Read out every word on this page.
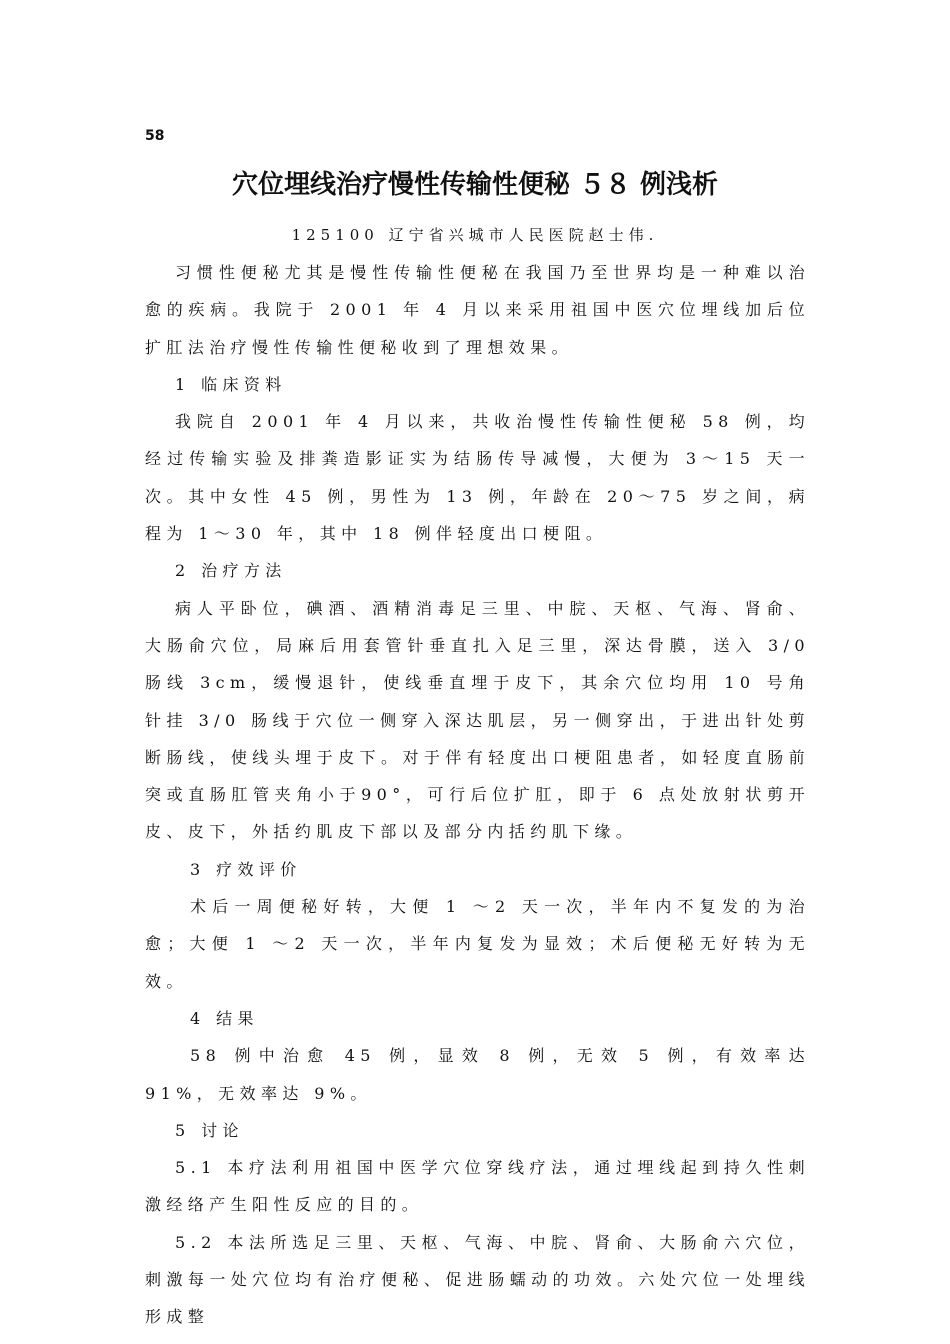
58
穴位埋线治疗慢性传输性便秘 ５８ 例浅析
125100 辽宁省兴城市人民医院赵士伟.

习惯性便秘尤其是慢性传输性便秘在我国乃至世界均是一种难以治愈的疾病。我院于 2001 年 4 月以来采用祖国中医穴位埋线加后位扩肛法治疗慢性传输性便秘收到了理想效果。

1 临床资料

我院自 2001 年 4 月以来，共收治慢性传输性便秘 58 例，均经过传输实验及排粪造影证实为结肠传导减慢，大便为 3～15 天一次。其中女性 45 例，男性为 13 例，年龄在 20～75 岁之间，病程为 1～30 年，其中 18 例伴轻度出口梗阻。

2 治疗方法

病人平卧位，碘酒、酒精消毒足三里、中脘、天枢、气海、肾俞、大肠俞穴位，局麻后用套管针垂直扎入足三里，深达骨膜，送入 3/0 肠线 3cm，缓慢退针，使线垂直埋于皮下，其余穴位均用 10 号角针挂 3/0 肠线于穴位一侧穿入深达肌层，另一侧穿出，于进出针处剪断肠线，使线头埋于皮下。对于伴有轻度出口梗阻患者，如轻度直肠前突或直肠肛管夹角小于90°，可行后位扩肛，即于 6 点处放射状剪开皮、皮下，外括约肌皮下部以及部分内括约肌下缘。

3 疗效评价

术后一周便秘好转，大便 1 ～2 天一次，半年内不复发的为治愈；大便 1 ～2 天一次，半年内复发为显效；术后便秘无好转为无效。

4 结果

58 例中治愈 45 例，显效 8 例，无效 5 例，有效率达 91%，无效率达 9%。

5 讨论

5.1 本疗法利用祖国中医学穴位穿线疗法，通过埋线起到持久性刺激经络产生阳性反应的目的。

5.2 本法所选足三里、天枢、气海、中脘、肾俞、大肠俞六穴位，刺激每一处穴位均有治疗便秘、促进肠蠕动的功效。六处穴位一处埋线形成整
